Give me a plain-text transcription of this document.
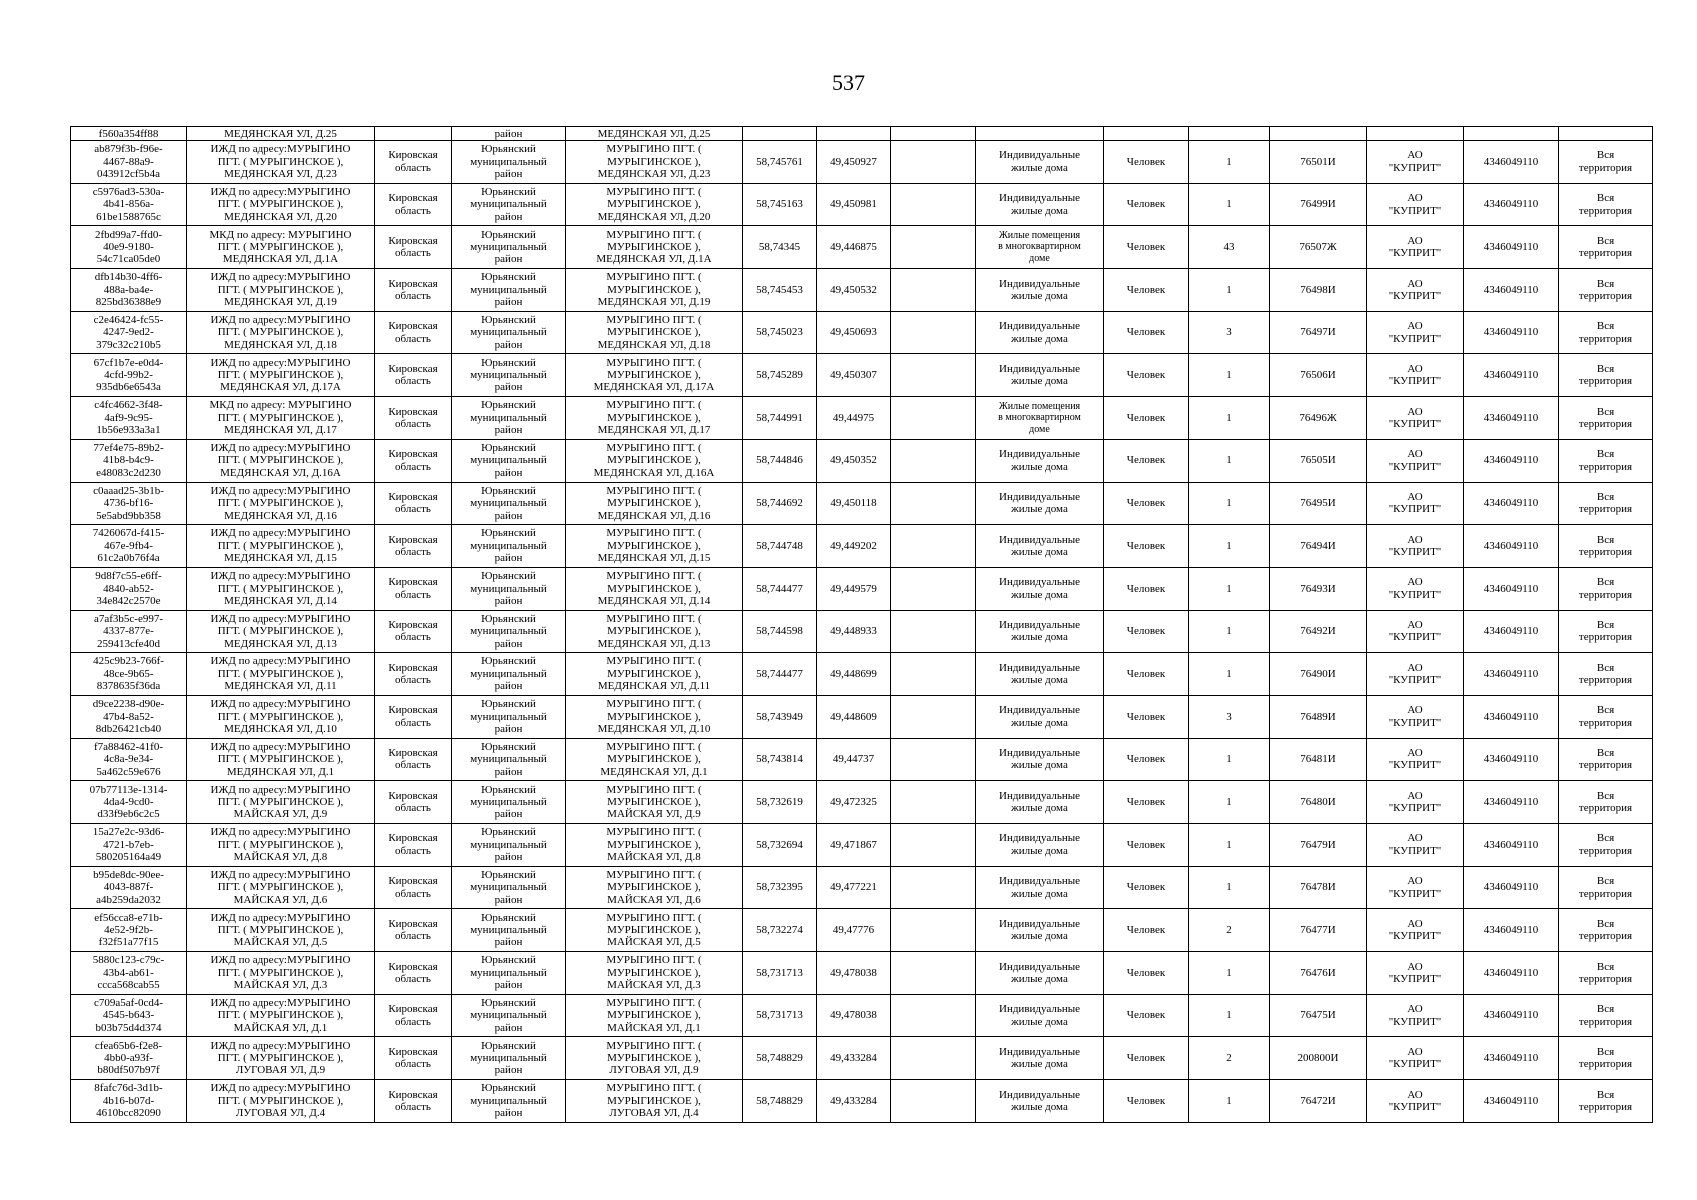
537
f560a354ff88	МЕДЯНСКАЯ УЛ, Д.25		район	МЕДЯНСКАЯ УЛ, Д.25										
ab879f3b-f96e-
4467-88a9-
043912cf5b4a	ИЖД по адресу:МУРЫГИНО
ПГТ. ( МУРЫГИНСКОЕ ),
МЕДЯНСКАЯ УЛ, Д.23	Кировская
область	Юрьянский
муниципальный
район	МУРЫГИНО ПГТ. (
МУРЫГИНСКОЕ ),
МЕДЯНСКАЯ УЛ, Д.23	58,745761	49,450927		Индивидуальные
жилые дома	Человек	1	76501И	АО
"КУПРИТ"	4346049110	Вся
территория
c5976ad3-530a-
4b41-856a-
61be1588765c	ИЖД по адресу:МУРЫГИНО
ПГТ. ( МУРЫГИНСКОЕ ),
МЕДЯНСКАЯ УЛ, Д.20	Кировская
область	Юрьянский
муниципальный
район	МУРЫГИНО ПГТ. (
МУРЫГИНСКОЕ ),
МЕДЯНСКАЯ УЛ, Д.20	58,745163	49,450981		Индивидуальные
жилые дома	Человек	1	76499И	АО
"КУПРИТ"	4346049110	Вся
территория
2fbd99a7-ffd0-
40e9-9180-
54c71ca05de0	МКД по адресу: МУРЫГИНО
ПГТ. ( МУРЫГИНСКОЕ ),
МЕДЯНСКАЯ УЛ, Д.1А	Кировская
область	Юрьянский
муниципальный
район	МУРЫГИНО ПГТ. (
МУРЫГИНСКОЕ ),
МЕДЯНСКАЯ УЛ, Д.1А	58,74345	49,446875		Жилые помещения
в многоквартирном
доме	Человек	43	76507Ж	АО
"КУПРИТ"	4346049110	Вся
территория
dfb14b30-4ff6-
488a-ba4e-
825bd36388e9	ИЖД по адресу:МУРЫГИНО
ПГТ. ( МУРЫГИНСКОЕ ),
МЕДЯНСКАЯ УЛ, Д.19	Кировская
область	Юрьянский
муниципальный
район	МУРЫГИНО ПГТ. (
МУРЫГИНСКОЕ ),
МЕДЯНСКАЯ УЛ, Д.19	58,745453	49,450532		Индивидуальные
жилые дома	Человек	1	76498И	АО
"КУПРИТ"	4346049110	Вся
территория
c2e46424-fc55-
4247-9ed2-
379c32c210b5	ИЖД по адресу:МУРЫГИНО
ПГТ. ( МУРЫГИНСКОЕ ),
МЕДЯНСКАЯ УЛ, Д.18	Кировская
область	Юрьянский
муниципальный
район	МУРЫГИНО ПГТ. (
МУРЫГИНСКОЕ ),
МЕДЯНСКАЯ УЛ, Д.18	58,745023	49,450693		Индивидуальные
жилые дома	Человек	3	76497И	АО
"КУПРИТ"	4346049110	Вся
территория
67cf1b7e-e0d4-
4cfd-99b2-
935db6e6543a	ИЖД по адресу:МУРЫГИНО
ПГТ. ( МУРЫГИНСКОЕ ),
МЕДЯНСКАЯ УЛ, Д.17А	Кировская
область	Юрьянский
муниципальный
район	МУРЫГИНО ПГТ. (
МУРЫГИНСКОЕ ),
МЕДЯНСКАЯ УЛ, Д.17А	58,745289	49,450307		Индивидуальные
жилые дома	Человек	1	76506И	АО
"КУПРИТ"	4346049110	Вся
территория
c4fc4662-3f48-
4af9-9c95-
1b56e933a3a1	МКД по адресу: МУРЫГИНО
ПГТ. ( МУРЫГИНСКОЕ ),
МЕДЯНСКАЯ УЛ, Д.17	Кировская
область	Юрьянский
муниципальный
район	МУРЫГИНО ПГТ. (
МУРЫГИНСКОЕ ),
МЕДЯНСКАЯ УЛ, Д.17	58,744991	49,44975		Жилые помещения
в многоквартирном
доме	Человек	1	76496Ж	АО
"КУПРИТ"	4346049110	Вся
территория
77ef4e75-89b2-
41b8-b4c9-
e48083c2d230	ИЖД по адресу:МУРЫГИНО
ПГТ. ( МУРЫГИНСКОЕ ),
МЕДЯНСКАЯ УЛ, Д.16А	Кировская
область	Юрьянский
муниципальный
район	МУРЫГИНО ПГТ. (
МУРЫГИНСКОЕ ),
МЕДЯНСКАЯ УЛ, Д.16А	58,744846	49,450352		Индивидуальные
жилые дома	Человек	1	76505И	АО
"КУПРИТ"	4346049110	Вся
территория
c0aaad25-3b1b-
4736-bf16-
5e5abd9bb358	ИЖД по адресу:МУРЫГИНО
ПГТ. ( МУРЫГИНСКОЕ ),
МЕДЯНСКАЯ УЛ, Д.16	Кировская
область	Юрьянский
муниципальный
район	МУРЫГИНО ПГТ. (
МУРЫГИНСКОЕ ),
МЕДЯНСКАЯ УЛ, Д.16	58,744692	49,450118		Индивидуальные
жилые дома	Человек	1	76495И	АО
"КУПРИТ"	4346049110	Вся
территория
7426067d-f415-
467e-9fb4-
61c2a0b76f4a	ИЖД по адресу:МУРЫГИНО
ПГТ. ( МУРЫГИНСКОЕ ),
МЕДЯНСКАЯ УЛ, Д.15	Кировская
область	Юрьянский
муниципальный
район	МУРЫГИНО ПГТ. (
МУРЫГИНСКОЕ ),
МЕДЯНСКАЯ УЛ, Д.15	58,744748	49,449202		Индивидуальные
жилые дома	Человек	1	76494И	АО
"КУПРИТ"	4346049110	Вся
территория
9d8f7c55-e6ff-
4840-ab52-
34e842c2570e	ИЖД по адресу:МУРЫГИНО
ПГТ. ( МУРЫГИНСКОЕ ),
МЕДЯНСКАЯ УЛ, Д.14	Кировская
область	Юрьянский
муниципальный
район	МУРЫГИНО ПГТ. (
МУРЫГИНСКОЕ ),
МЕДЯНСКАЯ УЛ, Д.14	58,744477	49,449579		Индивидуальные
жилые дома	Человек	1	76493И	АО
"КУПРИТ"	4346049110	Вся
территория
a7af3b5c-e997-
4337-877e-
259413cfe40d	ИЖД по адресу:МУРЫГИНО
ПГТ. ( МУРЫГИНСКОЕ ),
МЕДЯНСКАЯ УЛ, Д.13	Кировская
область	Юрьянский
муниципальный
район	МУРЫГИНО ПГТ. (
МУРЫГИНСКОЕ ),
МЕДЯНСКАЯ УЛ, Д.13	58,744598	49,448933		Индивидуальные
жилые дома	Человек	1	76492И	АО
"КУПРИТ"	4346049110	Вся
территория
425c9b23-766f-
48ce-9b65-
8378635f36da	ИЖД по адресу:МУРЫГИНО
ПГТ. ( МУРЫГИНСКОЕ ),
МЕДЯНСКАЯ УЛ, Д.11	Кировская
область	Юрьянский
муниципальный
район	МУРЫГИНО ПГТ. (
МУРЫГИНСКОЕ ),
МЕДЯНСКАЯ УЛ, Д.11	58,744477	49,448699		Индивидуальные
жилые дома	Человек	1	76490И	АО
"КУПРИТ"	4346049110	Вся
территория
d9ce2238-d90e-
47b4-8a52-
8db26421cb40	ИЖД по адресу:МУРЫГИНО
ПГТ. ( МУРЫГИНСКОЕ ),
МЕДЯНСКАЯ УЛ, Д.10	Кировская
область	Юрьянский
муниципальный
район	МУРЫГИНО ПГТ. (
МУРЫГИНСКОЕ ),
МЕДЯНСКАЯ УЛ, Д.10	58,743949	49,448609		Индивидуальные
жилые дома	Человек	3	76489И	АО
"КУПРИТ"	4346049110	Вся
территория
f7a88462-41f0-
4c8a-9e34-
5a462c59e676	ИЖД по адресу:МУРЫГИНО
ПГТ. ( МУРЫГИНСКОЕ ),
МЕДЯНСКАЯ УЛ, Д.1	Кировская
область	Юрьянский
муниципальный
район	МУРЫГИНО ПГТ. (
МУРЫГИНСКОЕ ),
МЕДЯНСКАЯ УЛ, Д.1	58,743814	49,44737		Индивидуальные
жилые дома	Человек	1	76481И	АО
"КУПРИТ"	4346049110	Вся
территория
07b77113e-1314-
4da4-9cd0-
d33f9eb6c2c5	ИЖД по адресу:МУРЫГИНО
ПГТ. ( МУРЫГИНСКОЕ ),
МАЙСКАЯ УЛ, Д.9	Кировская
область	Юрьянский
муниципальный
район	МУРЫГИНО ПГТ. (
МУРЫГИНСКОЕ ),
МАЙСКАЯ УЛ, Д.9	58,732619	49,472325		Индивидуальные
жилые дома	Человек	1	76480И	АО
"КУПРИТ"	4346049110	Вся
территория
15a27e2c-93d6-
4721-b7eb-
580205164a49	ИЖД по адресу:МУРЫГИНО
ПГТ. ( МУРЫГИНСКОЕ ),
МАЙСКАЯ УЛ, Д.8	Кировская
область	Юрьянский
муниципальный
район	МУРЫГИНО ПГТ. (
МУРЫГИНСКОЕ ),
МАЙСКАЯ УЛ, Д.8	58,732694	49,471867		Индивидуальные
жилые дома	Человек	1	76479И	АО
"КУПРИТ"	4346049110	Вся
территория
b95de8dc-90ee-
4043-887f-
a4b259da2032	ИЖД по адресу:МУРЫГИНО
ПГТ. ( МУРЫГИНСКОЕ ),
МАЙСКАЯ УЛ, Д.6	Кировская
область	Юрьянский
муниципальный
район	МУРЫГИНО ПГТ. (
МУРЫГИНСКОЕ ),
МАЙСКАЯ УЛ, Д.6	58,732395	49,477221		Индивидуальные
жилые дома	Человек	1	76478И	АО
"КУПРИТ"	4346049110	Вся
территория
ef56cca8-e71b-
4e52-9f2b-
f32f51a77f15	ИЖД по адресу:МУРЫГИНО
ПГТ. ( МУРЫГИНСКОЕ ),
МАЙСКАЯ УЛ, Д.5	Кировская
область	Юрьянский
муниципальный
район	МУРЫГИНО ПГТ. (
МУРЫГИНСКОЕ ),
МАЙСКАЯ УЛ, Д.5	58,732274	49,47776		Индивидуальные
жилые дома	Человек	2	76477И	АО
"КУПРИТ"	4346049110	Вся
территория
5880c123-c79c-
43b4-ab61-
ccca568cab55	ИЖД по адресу:МУРЫГИНО
ПГТ. ( МУРЫГИНСКОЕ ),
МАЙСКАЯ УЛ, Д.3	Кировская
область	Юрьянский
муниципальный
район	МУРЫГИНО ПГТ. (
МУРЫГИНСКОЕ ),
МАЙСКАЯ УЛ, Д.3	58,731713	49,478038		Индивидуальные
жилые дома	Человек	1	76476И	АО
"КУПРИТ"	4346049110	Вся
территория
c709a5af-0cd4-
4545-b643-
b03b75d4d374	ИЖД по адресу:МУРЫГИНО
ПГТ. ( МУРЫГИНСКОЕ ),
МАЙСКАЯ УЛ, Д.1	Кировская
область	Юрьянский
муниципальный
район	МУРЫГИНО ПГТ. (
МУРЫГИНСКОЕ ),
МАЙСКАЯ УЛ, Д.1	58,731713	49,478038		Индивидуальные
жилые дома	Человек	1	76475И	АО
"КУПРИТ"	4346049110	Вся
территория
cfea65b6-f2e8-
4bb0-a93f-
b80df507b97f	ИЖД по адресу:МУРЫГИНО
ПГТ. ( МУРЫГИНСКОЕ ),
ЛУГОВАЯ УЛ, Д.9	Кировская
область	Юрьянский
муниципальный
район	МУРЫГИНО ПГТ. (
МУРЫГИНСКОЕ ),
ЛУГОВАЯ УЛ, Д.9	58,748829	49,433284		Индивидуальные
жилые дома	Человек	2	200800И	АО
"КУПРИТ"	4346049110	Вся
территория
8fafc76d-3d1b-
4b16-b07d-
4610bcc82090	ИЖД по адресу:МУРЫГИНО
ПГТ. ( МУРЫГИНСКОЕ ),
ЛУГОВАЯ УЛ, Д.4	Кировская
область	Юрьянский
муниципальный
район	МУРЫГИНО ПГТ. (
МУРЫГИНСКОЕ ),
ЛУГОВАЯ УЛ, Д.4	58,748829	49,433284		Индивидуальные
жилые дома	Человек	1	76472И	АО
"КУПРИТ"	4346049110	Вся
территория
